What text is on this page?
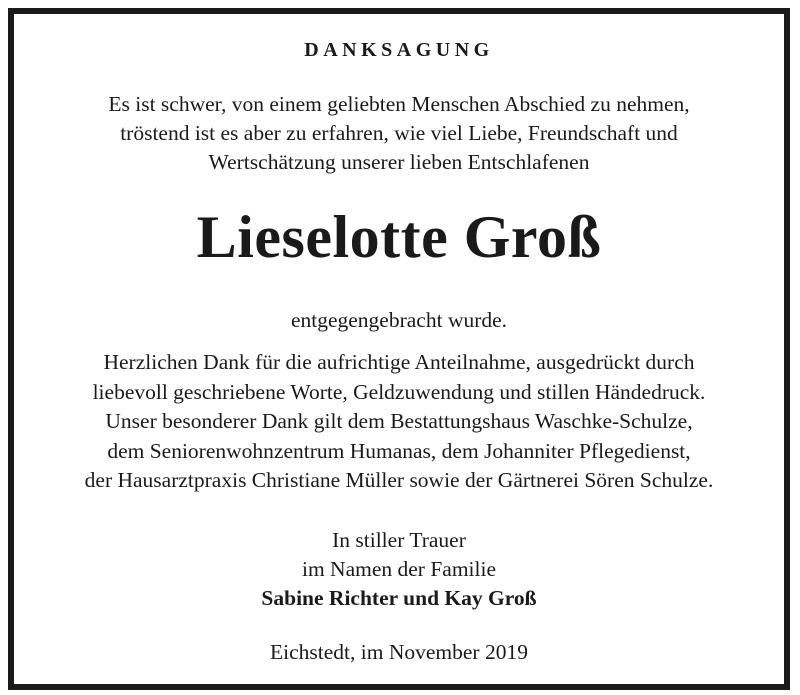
DANKSAGUNG
Es ist schwer, von einem geliebten Menschen Abschied zu nehmen,
tröstend ist es aber zu erfahren, wie viel Liebe, Freundschaft und
Wertschätzung unserer lieben Entschlafenen
Lieselotte Groß
entgegengebracht wurde.
Herzlichen Dank für die aufrichtige Anteilnahme, ausgedrückt durch
liebevoll geschriebene Worte, Geldzuwendung und stillen Händedruck.
Unser besonderer Dank gilt dem Bestattungshaus Waschke-Schulze,
dem Seniorenwohnzentrum Humanas, dem Johanniter Pflegedienst,
der Hausarztpraxis Christiane Müller sowie der Gärtnerei Sören Schulze.
In stiller Trauer
im Namen der Familie
Sabine Richter und Kay Groß
Eichstedt, im November 2019
